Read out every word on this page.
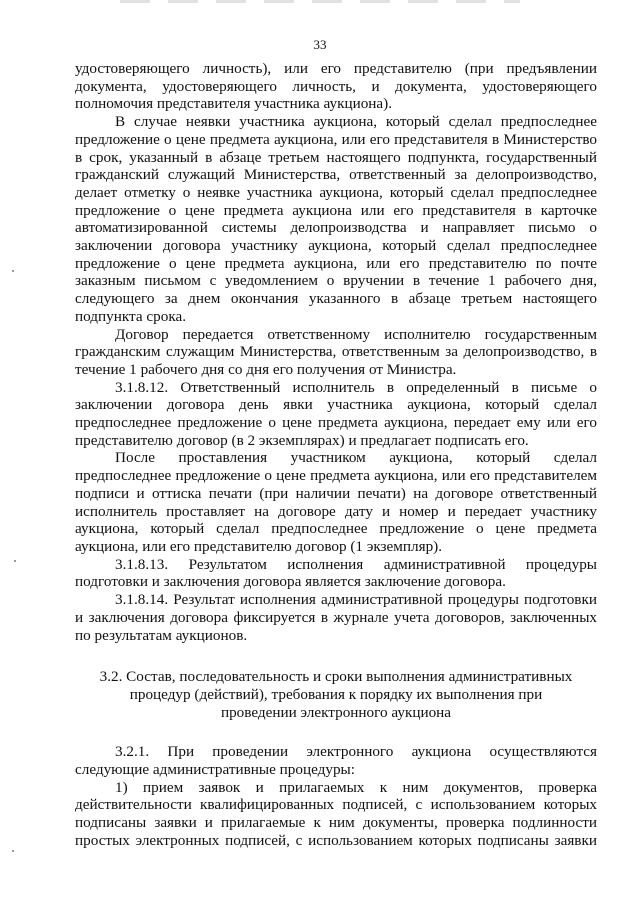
33

удостоверяющего личность), или его представителю (при предъявлении документа, удостоверяющего личность, и документа, удостоверяющего полномочия представителя участника аукциона).

В случае неявки участника аукциона, который сделал предпоследнее предложение о цене предмета аукциона, или его представителя в Министерство в срок, указанный в абзаце третьем настоящего подпункта, государственный гражданский служащий Министерства, ответственный за делопроизводство, делает отметку о неявке участника аукциона, который сделал предпоследнее предложение о цене предмета аукциона или его представителя в карточке автоматизированной системы делопроизводства и направляет письмо о заключении договора участнику аукциона, который сделал предпоследнее предложение о цене предмета аукциона, или его представителю по почте заказным письмом с уведомлением о вручении в течение 1 рабочего дня, следующего за днем окончания указанного в абзаце третьем настоящего подпункта срока.

Договор передается ответственному исполнителю государственным гражданским служащим Министерства, ответственным за делопроизводство, в течение 1 рабочего дня со дня его получения от Министра.

3.1.8.12. Ответственный исполнитель в определенный в письме о заключении договора день явки участника аукциона, который сделал предпоследнее предложение о цене предмета аукциона, передает ему или его представителю договор (в 2 экземплярах) и предлагает подписать его.

После проставления участником аукциона, который сделал предпоследнее предложение о цене предмета аукциона, или его представителем подписи и оттиска печати (при наличии печати) на договоре ответственный исполнитель проставляет на договоре дату и номер и передает участнику аукциона, который сделал предпоследнее предложение о цене предмета аукциона, или его представителю договор (1 экземпляр).

3.1.8.13. Результатом исполнения административной процедуры подготовки и заключения договора является заключение договора.

3.1.8.14. Результат исполнения административной процедуры подготовки и заключения договора фиксируется в журнале учета договоров, заключенных по результатам аукционов.

3.2. Состав, последовательность и сроки выполнения административных процедур (действий), требования к порядку их выполнения при проведении электронного аукциона

3.2.1. При проведении электронного аукциона осуществляются следующие административные процедуры:

1) прием заявок и прилагаемых к ним документов, проверка действительности квалифицированных подписей, с использованием которых подписаны заявки и прилагаемые к ним документы, проверка подлинности простых электронных подписей, с использованием которых подписаны заявки
